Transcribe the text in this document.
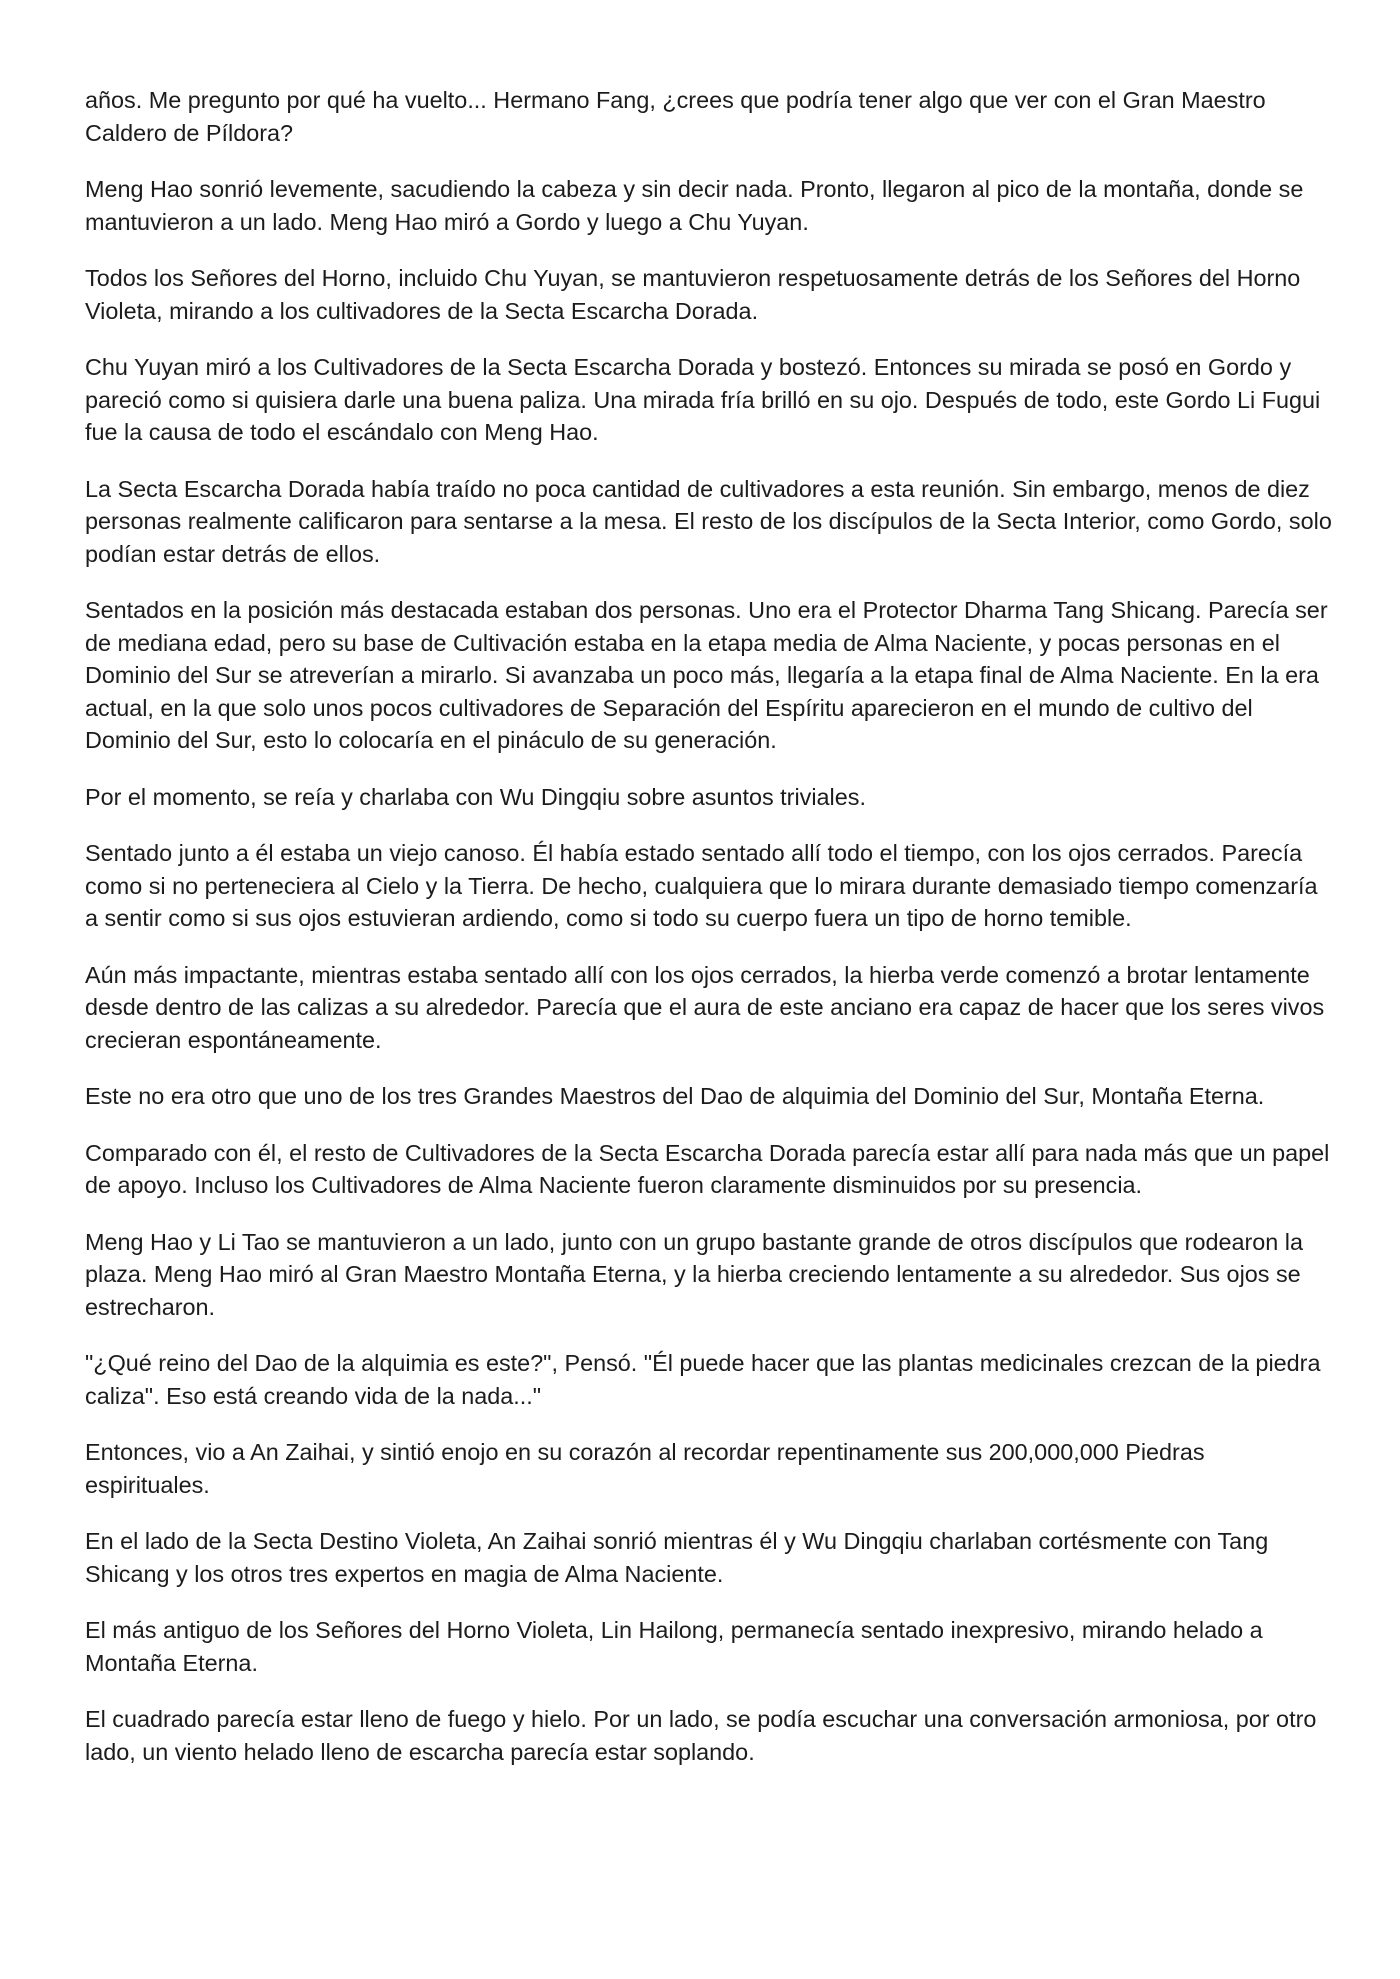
años. Me pregunto por qué ha vuelto... Hermano Fang, ¿crees que podría tener algo que ver con el Gran Maestro Caldero de Píldora?

Meng Hao sonrió levemente, sacudiendo la cabeza y sin decir nada. Pronto, llegaron al pico de la montaña, donde se mantuvieron a un lado. Meng Hao miró a Gordo y luego a Chu Yuyan.

Todos los Señores del Horno, incluido Chu Yuyan, se mantuvieron respetuosamente detrás de los Señores del Horno Violeta, mirando a los cultivadores de la Secta Escarcha Dorada.

Chu Yuyan miró a los Cultivadores de la Secta Escarcha Dorada y bostezó. Entonces su mirada se posó en Gordo y pareció como si quisiera darle una buena paliza. Una mirada fría brilló en su ojo. Después de todo, este Gordo Li Fugui fue la causa de todo el escándalo con Meng Hao.

La Secta Escarcha Dorada había traído no poca cantidad de cultivadores a esta reunión. Sin embargo, menos de diez personas realmente calificaron para sentarse a la mesa. El resto de los discípulos de la Secta Interior, como Gordo, solo podían estar detrás de ellos.

Sentados en la posición más destacada estaban dos personas. Uno era el Protector Dharma Tang Shicang. Parecía ser de mediana edad, pero su base de Cultivación estaba en la etapa media de Alma Naciente, y pocas personas en el Dominio del Sur se atreverían a mirarlo. Si avanzaba un poco más, llegaría a la etapa final de Alma Naciente. En la era actual, en la que solo unos pocos cultivadores de Separación del Espíritu aparecieron en el mundo de cultivo del Dominio del Sur, esto lo colocaría en el pináculo de su generación.

Por el momento, se reía y charlaba con Wu Dingqiu sobre asuntos triviales.

Sentado junto a él estaba un viejo canoso. Él había estado sentado allí todo el tiempo, con los ojos cerrados. Parecía como si no perteneciera al Cielo y la Tierra. De hecho, cualquiera que lo mirara durante demasiado tiempo comenzaría a sentir como si sus ojos estuvieran ardiendo, como si todo su cuerpo fuera un tipo de horno temible.

Aún más impactante, mientras estaba sentado allí con los ojos cerrados, la hierba verde comenzó a brotar lentamente desde dentro de las calizas a su alrededor. Parecía que el aura de este anciano era capaz de hacer que los seres vivos crecieran espontáneamente.

Este no era otro que uno de los tres Grandes Maestros del Dao de alquimia del Dominio del Sur, Montaña Eterna.

Comparado con él, el resto de Cultivadores de la Secta Escarcha Dorada parecía estar allí para nada más que un papel de apoyo. Incluso los Cultivadores de Alma Naciente fueron claramente disminuidos por su presencia.

Meng Hao y Li Tao se mantuvieron a un lado, junto con un grupo bastante grande de otros discípulos que rodearon la plaza. Meng Hao miró al Gran Maestro Montaña Eterna, y la hierba creciendo lentamente a su alrededor. Sus ojos se estrecharon.

"¿Qué reino del Dao de la alquimia es este?", Pensó. "Él puede hacer que las plantas medicinales crezcan de la piedra caliza". Eso está creando vida de la nada..."

Entonces, vio a An Zaihai, y sintió enojo en su corazón al recordar repentinamente sus 200,000,000 Piedras espirituales.

En el lado de la Secta Destino Violeta, An Zaihai sonrió mientras él y Wu Dingqiu charlaban cortésmente con Tang Shicang y los otros tres expertos en magia de Alma Naciente.

El más antiguo de los Señores del Horno Violeta, Lin Hailong, permanecía sentado inexpresivo, mirando helado a Montaña Eterna.

El cuadrado parecía estar lleno de fuego y hielo. Por un lado, se podía escuchar una conversación armoniosa, por otro lado, un viento helado lleno de escarcha parecía estar soplando.
